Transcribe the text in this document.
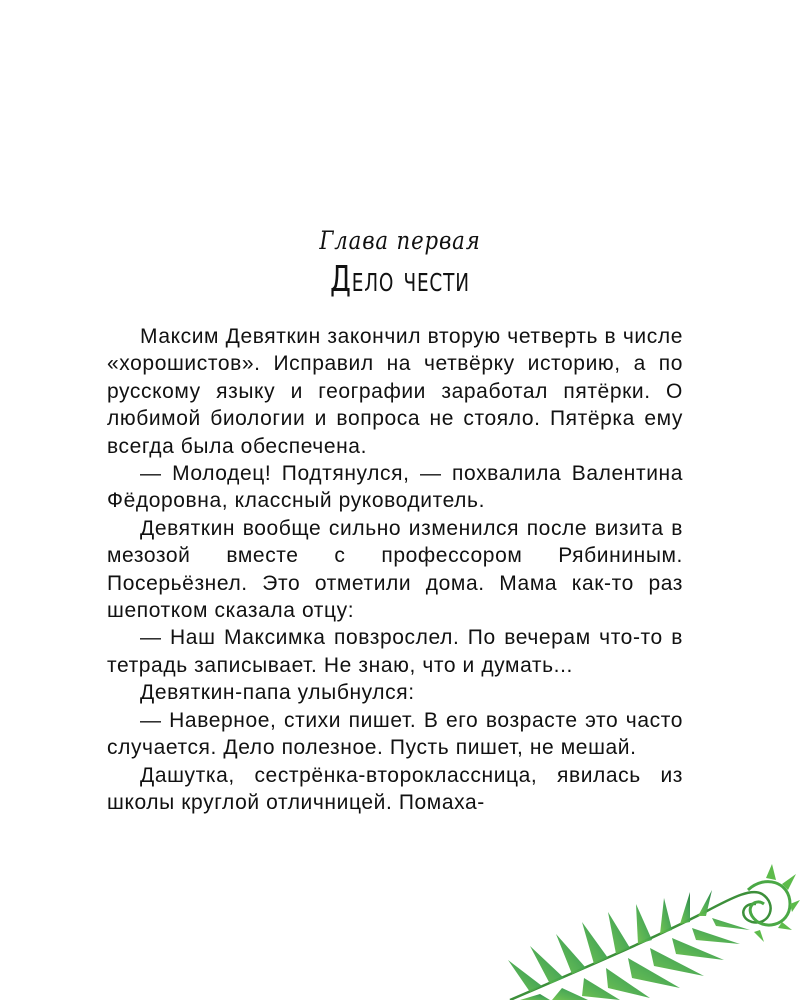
Глава первая
Дело чести

Максим Девяткин закончил вторую четверть в числе «хорошистов». Исправил на четвёрку историю, а по русскому языку и географии заработал пятёрки. О любимой биологии и вопроса не стояло. Пятёрка ему всегда была обеспечена.

— Молодец! Подтянулся, — похвалила Валентина Фёдоровна, классный руководитель.

Девяткин вообще сильно изменился после визита в мезозой вместе с профессором Рябининым. Посерьёзнел. Это отметили дома. Мама как-то раз шепотком сказала отцу:

— Наш Максимка повзрослел. По вечерам что-то в тетрадь записывает. Не знаю, что и думать...

Девяткин-папа улыбнулся:

— Наверное, стихи пишет. В его возрасте это часто случается. Дело полезное. Пусть пишет, не мешай.

Дашутка, сестрёнка-второклассница, явилась из школы круглой отличницей. Помаха-
